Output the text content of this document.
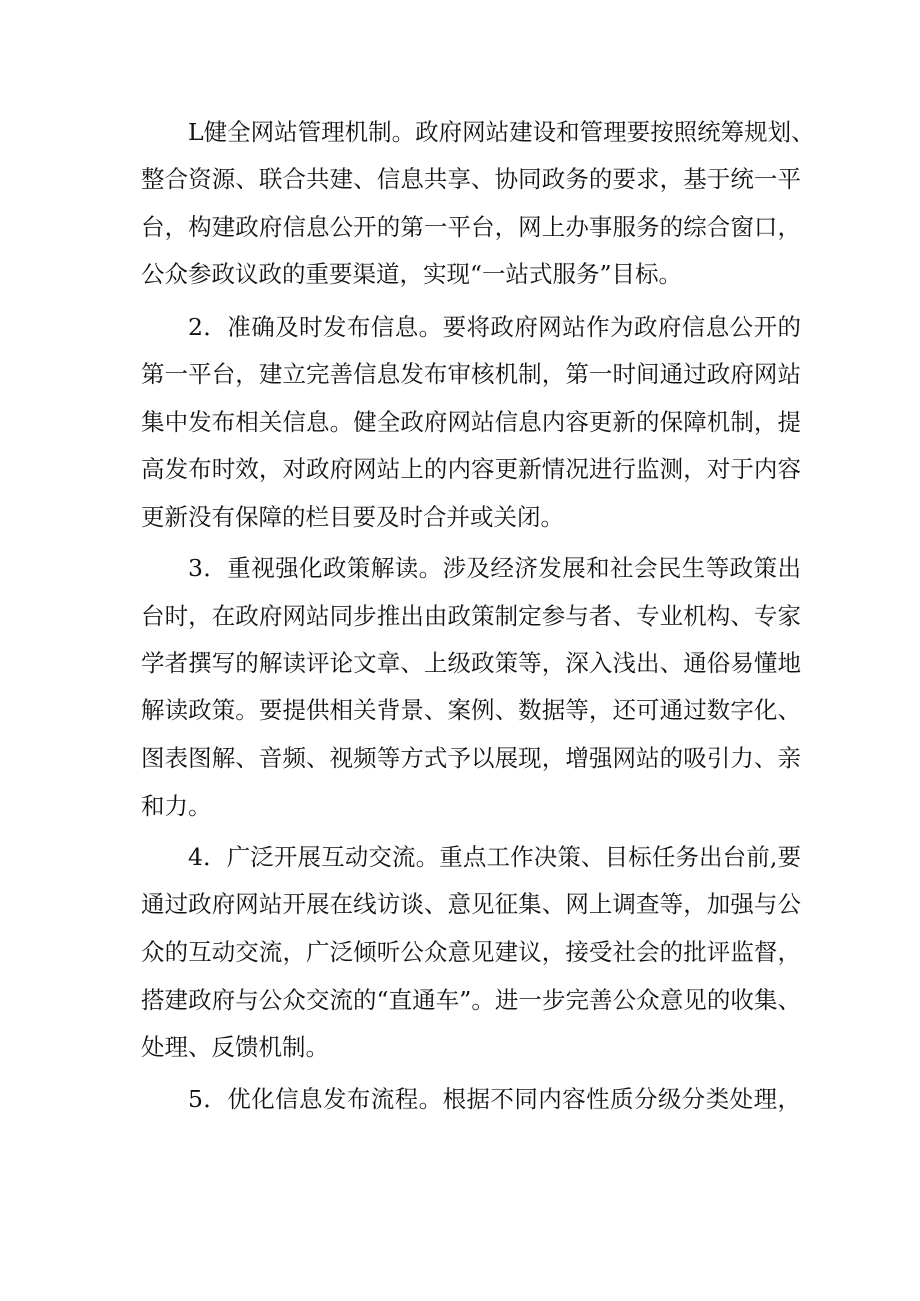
L健全网站管理机制。政府网站建设和管理要按照统筹规划、
整合资源、联合共建、信息共享、协同政务的要求，基于统一平
台，构建政府信息公开的第一平台，网上办事服务的综合窗口，
公众参政议政的重要渠道，实现“一站式服务”目标。
2．准确及时发布信息。要将政府网站作为政府信息公开的
第一平台，建立完善信息发布审核机制，第一时间通过政府网站
集中发布相关信息。健全政府网站信息内容更新的保障机制，提
高发布时效，对政府网站上的内容更新情况进行监测，对于内容
更新没有保障的栏目要及时合并或关闭。
3．重视强化政策解读。涉及经济发展和社会民生等政策出
台时，在政府网站同步推出由政策制定参与者、专业机构、专家
学者撰写的解读评论文章、上级政策等，深入浅出、通俗易懂地
解读政策。要提供相关背景、案例、数据等，还可通过数字化、
图表图解、音频、视频等方式予以展现，增强网站的吸引力、亲
和力。
4．广泛开展互动交流。重点工作决策、目标任务出台前,要
通过政府网站开展在线访谈、意见征集、网上调查等，加强与公
众的互动交流，广泛倾听公众意见建议，接受社会的批评监督，
搭建政府与公众交流的“直通车”。进一步完善公众意见的收集、
处理、反馈机制。
5．优化信息发布流程。根据不同内容性质分级分类处理，
